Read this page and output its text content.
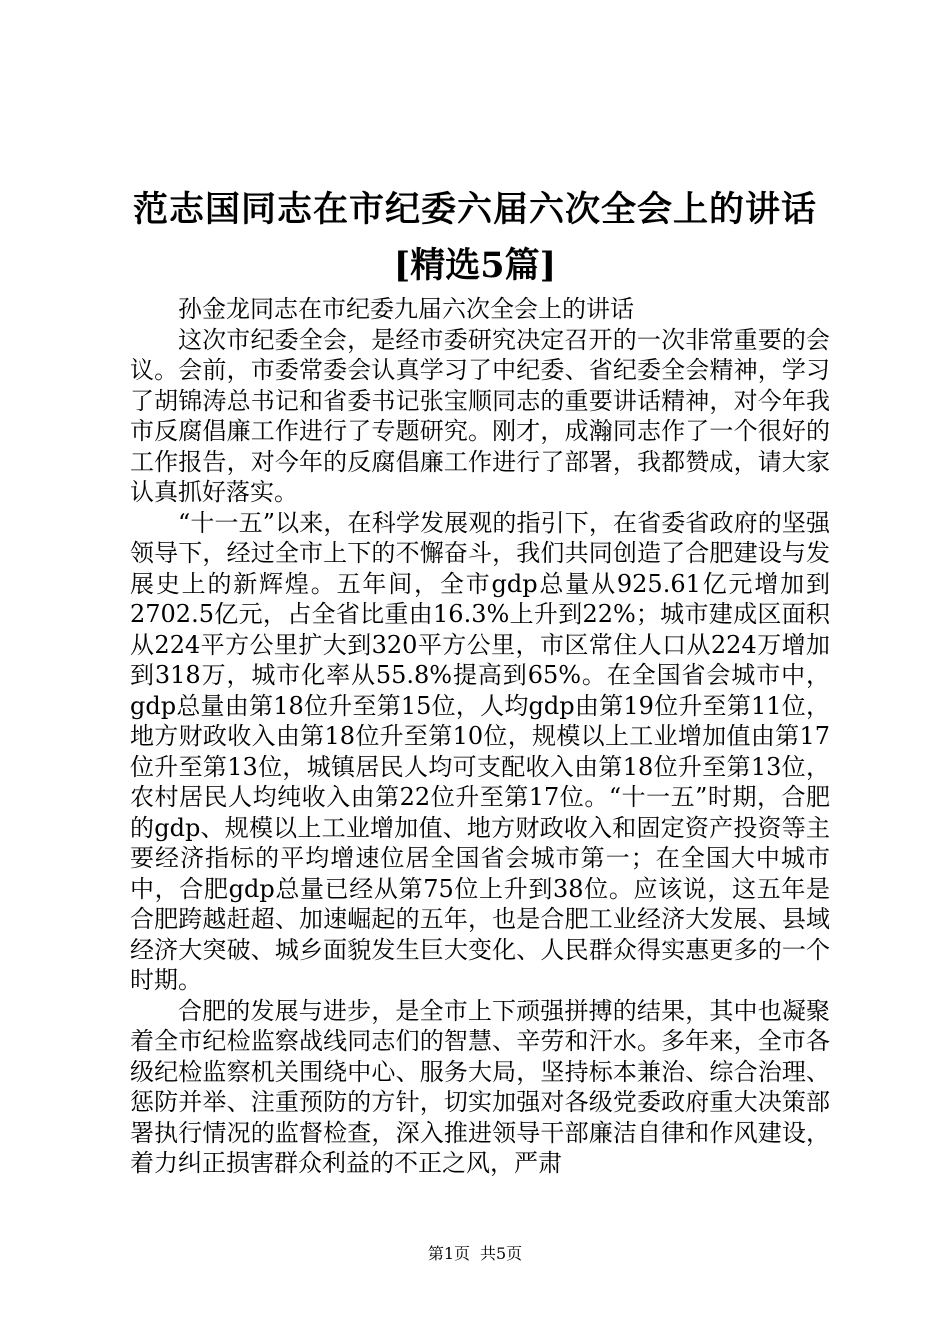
范志国同志在市纪委六届六次全会上的讲话
[精选5篇]

孙金龙同志在市纪委九届六次全会上的讲话

这次市纪委全会，是经市委研究决定召开的一次非常重要的会议。会前，市委常委会认真学习了中纪委、省纪委全会精神，学习了胡锦涛总书记和省委书记张宝顺同志的重要讲话精神，对今年我市反腐倡廉工作进行了专题研究。刚才，成瀚同志作了一个很好的工作报告，对今年的反腐倡廉工作进行了部署，我都赞成，请大家认真抓好落实。

“十一五”以来，在科学发展观的指引下，在省委省政府的坚强领导下，经过全市上下的不懈奋斗，我们共同创造了合肥建设与发展史上的新辉煌。五年间，全市gdp总量从925.61亿元增加到2702.5亿元，占全省比重由16.3%上升到22%；城市建成区面积从224平方公里扩大到320平方公里，市区常住人口从224万增加到318万，城市化率从55.8%提高到65%。在全国省会城市中，gdp总量由第18位升至第15位，人均gdp由第19位升至第11位，地方财政收入由第18位升至第10位，规模以上工业增加值由第17位升至第13位，城镇居民人均可支配收入由第18位升至第13位，农村居民人均纯收入由第22位升至第17位。“十一五”时期，合肥的gdp、规模以上工业增加值、地方财政收入和固定资产投资等主要经济指标的平均增速位居全国省会城市第一；在全国大中城市中，合肥gdp总量已经从第75位上升到38位。应该说，这五年是合肥跨越赶超、加速崛起的五年，也是合肥工业经济大发展、县域经济大突破、城乡面貌发生巨大变化、人民群众得实惠更多的一个时期。

合肥的发展与进步，是全市上下顽强拼搏的结果，其中也凝聚着全市纪检监察战线同志们的智慧、辛劳和汗水。多年来，全市各级纪检监察机关围绕中心、服务大局，坚持标本兼治、综合治理、惩防并举、注重预防的方针，切实加强对各级党委政府重大决策部署执行情况的监督检查，深入推进领导干部廉洁自律和作风建设，着力纠正损害群众利益的不正之风，严肃

第1页 共5页
